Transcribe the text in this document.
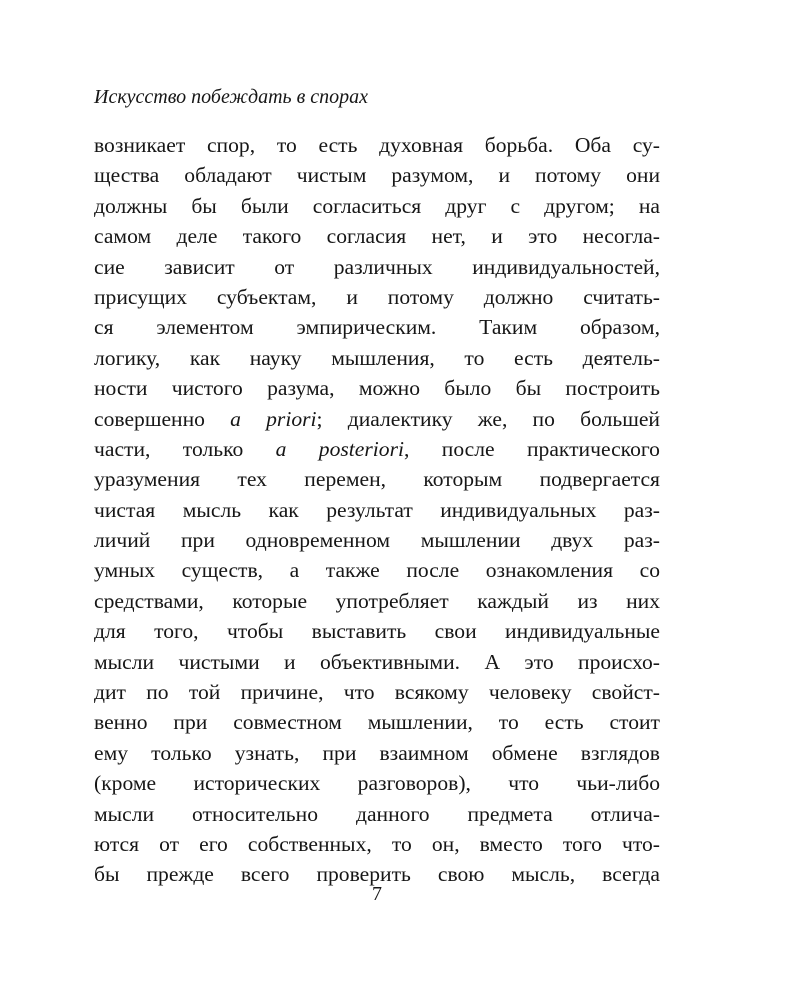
Искусство побеждать в спорах
возникает спор, то есть духовная борьба. Оба су-
щества обладают чистым разумом, и потому они
должны бы были согласиться друг с другом; на
самом деле такого согласия нет, и это несогла-
сие зависит от различных индивидуальностей,
присущих субъектам, и потому должно считать-
ся элементом эмпирическим. Таким образом,
логику, как науку мышления, то есть деятель-
ности чистого разума, можно было бы построить
совершенно a priori; диалектику же, по большей
части, только a posteriori, после практического
уразумения тех перемен, которым подвергается
чистая мысль как результат индивидуальных раз-
личий при одновременном мышлении двух раз-
умных существ, а также после ознакомления со
средствами, которые употребляет каждый из них
для того, чтобы выставить свои индивидуальные
мысли чистыми и объективными. А это происхо-
дит по той причине, что всякому человеку свойст-
венно при совместном мышлении, то есть стоит
ему только узнать, при взаимном обмене взглядов
(кроме исторических разговоров), что чьи-либо
мысли относительно данного предмета отлича-
ются от его собственных, то он, вместо того что-
бы прежде всего проверить свою мысль, всегда
7
